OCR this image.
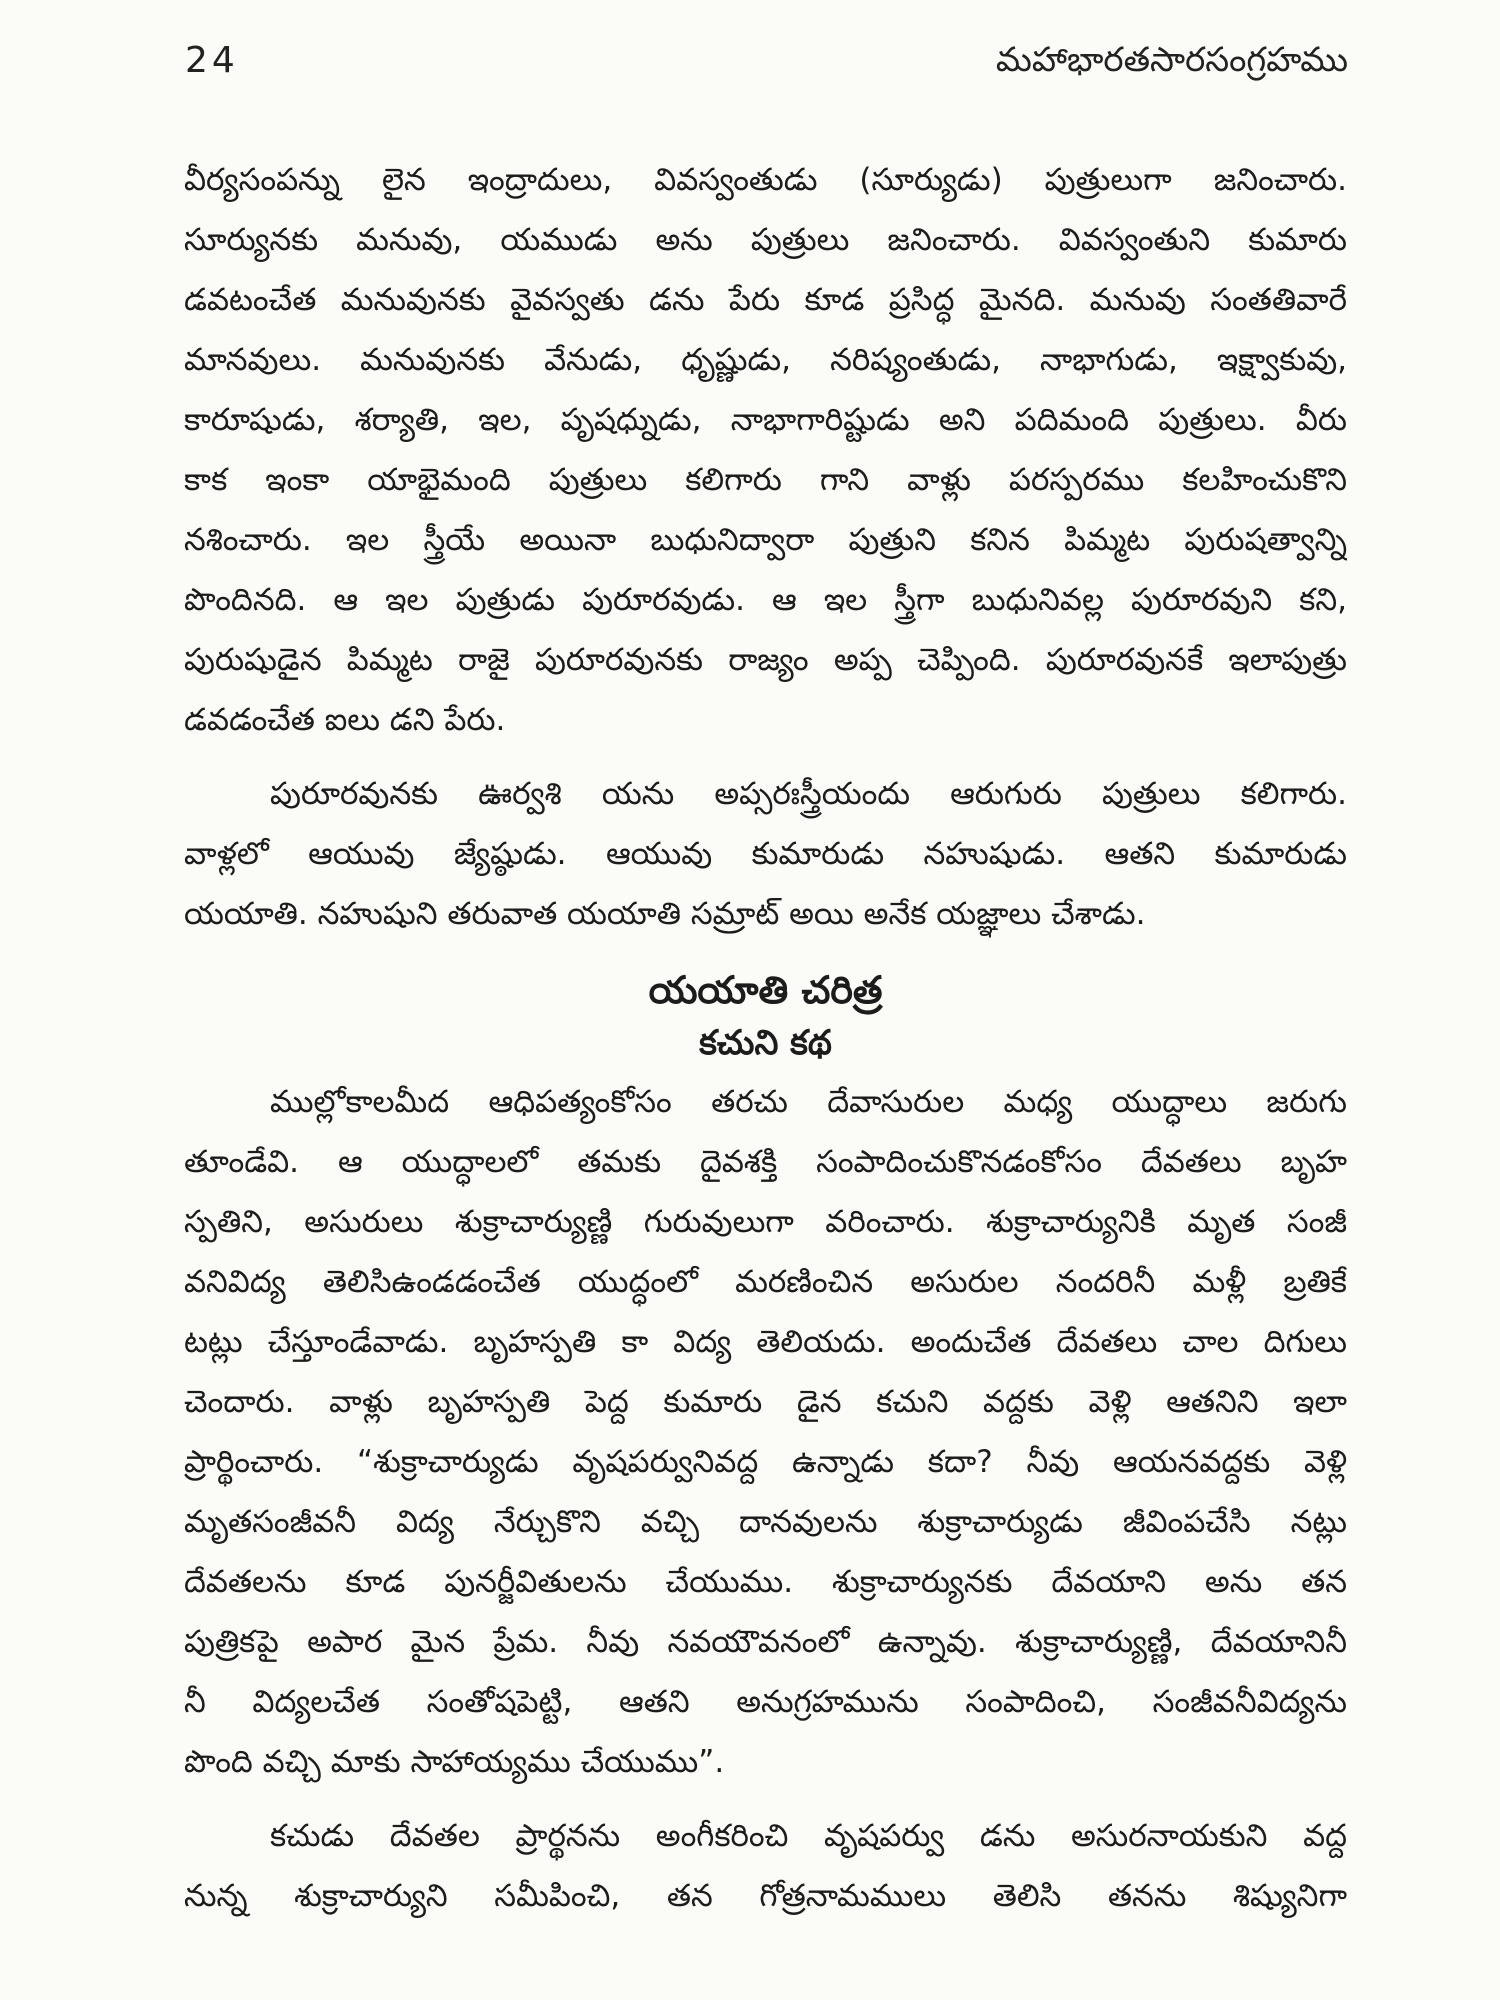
24	మహాభారతసారసంగ్రహము
వీర్యసంపన్ను లైన ఇంద్రాదులు, వివస్వంతుడు (సూర్యుడు) పుత్రులుగా జనించారు.
సూర్యునకు మనువు, యముడు అను పుత్రులు జనించారు. వివస్వంతుని కుమారు
డవటంచేత మనువునకు వైవస్వతు డను పేరు కూడ ప్రసిద్ధ మైనది. మనువు సంతతివారే
మానవులు. మనువునకు వేనుడు, ధృష్ణుడు, నరిష్యంతుడు, నాభాగుడు, ఇక్ష్వాకువు,
కారూషుడు, శర్యాతి, ఇల, పృషధ్నుడు, నాభాగారిష్టుడు అని పదిమంది పుత్రులు. వీరు
కాక ఇంకా యాభైమంది పుత్రులు కలిగారు గాని వాళ్లు పరస్పరము కలహించుకొని
నశించారు. ఇల స్త్రీయే అయినా బుధునిద్వారా పుత్రుని కనిన పిమ్మట పురుషత్వాన్ని
పొందినది. ఆ ఇల పుత్రుడు పురూరవుడు. ఆ ఇల స్త్రీగా బుధునివల్ల పురూరవుని కని,
పురుషుడైన పిమ్మట రాజై పురూరవునకు రాజ్యం అప్ప చెప్పింది. పురూరవునకే ఇలాపుత్రు
డవడంచేత ఐలు డని పేరు.
పురూరవునకు ఊర్వశి యను అప్సరఃస్త్రీయందు ఆరుగురు పుత్రులు కలిగారు.
వాళ్లలో ఆయువు జ్యేష్ఠుడు. ఆయువు కుమారుడు నహుషుడు. ఆతని కుమారుడు
యయాతి. నహుషుని తరువాత యయాతి సమ్రాట్ అయి అనేక యజ్ఞాలు చేశాడు.
యయాతి చరిత్ర
కచుని కథ
ముల్లోకాలమీద ఆధిపత్యంకోసం తరచు దేవాసురుల మధ్య యుద్ధాలు జరుగు
తూండేవి. ఆ యుద్ధాలలో తమకు దైవశక్తి సంపాదించుకొనడంకోసం దేవతలు బృహ
స్పతిని, అసురులు శుక్రాచార్యుణ్ణి గురువులుగా వరించారు. శుక్రాచార్యునికి మృత సంజీ
వనివిద్య తెలిసిఉండడంచేత యుద్ధంలో మరణించిన అసురుల నందరినీ మళ్లీ బ్రతికే
టట్లు చేస్తూండేవాడు. బృహస్పతి కా విద్య తెలియదు. అందుచేత దేవతలు చాల దిగులు
చెందారు. వాళ్లు బృహస్పతి పెద్ద కుమారు డైన కచుని వద్దకు వెళ్లి ఆతనిని ఇలా
ప్రార్థించారు. “శుక్రాచార్యుడు వృషపర్వునివద్ద ఉన్నాడు కదా? నీవు ఆయనవద్దకు వెళ్లి
మృతసంజీవనీ విద్య నేర్చుకొని వచ్చి దానవులను శుక్రాచార్యుడు జీవింపచేసి నట్లు
దేవతలను కూడ పునర్జీవితులను చేయుము. శుక్రాచార్యునకు దేవయాని అను తన
పుత్రికపై అపార మైన ప్రేమ. నీవు నవయౌవనంలో ఉన్నావు. శుక్రాచార్యుణ్ణి, దేవయానినీ
నీ విద్యలచేత సంతోషపెట్టి, ఆతని అనుగ్రహమును సంపాదించి, సంజీవనీవిద్యను
పొంది వచ్చి మాకు సాహాయ్యము చేయుము”.
కచుడు దేవతల ప్రార్థనను అంగీకరించి వృషపర్వు డను అసురనాయకుని వద్ద
నున్న శుక్రాచార్యుని సమీపించి, తన గోత్రనామములు తెలిసి తనను శిష్యునిగా
